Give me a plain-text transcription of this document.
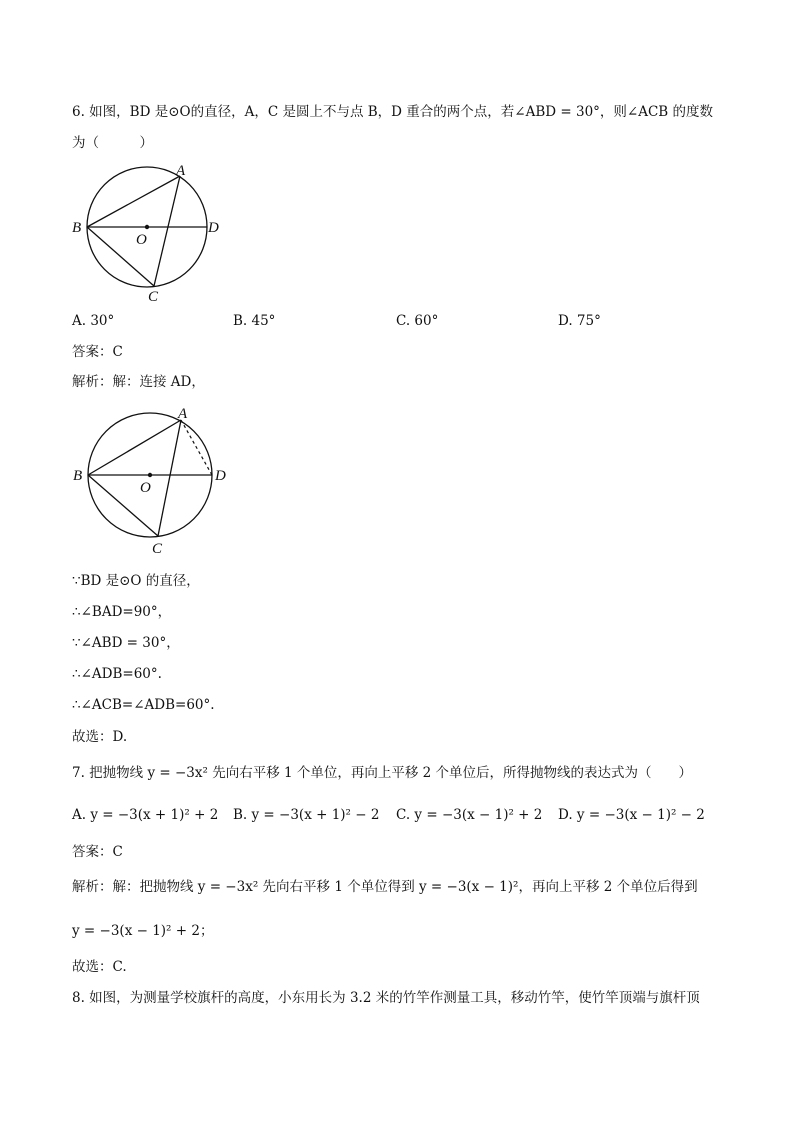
6. 如图，BD 是⊙O的直径，A，C 是圆上不与点 B，D 重合的两个点，若∠ABD = 30°，则∠ACB 的度数
为（　　　）
A
B
C
D
O
A. 30°	B. 45°	C. 60°	D. 75°
答案：C
解析：解：连接 AD，
A
B
C
D
O
∵BD 是⊙O 的直径，
∴∠BAD=90°，
∵∠ABD = 30°，
∴∠ADB=60°.
∴∠ACB=∠ADB=60°.
故选：D.
7. 把抛物线 y = −3x² 先向右平移 1 个单位，再向上平移 2 个单位后，所得抛物线的表达式为（　　）
A. y = −3(x + 1)² + 2 B. y = −3(x + 1)² − 2 C. y = −3(x − 1)² + 2 D. y = −3(x − 1)² − 2
答案：C
解析：解：把抛物线 y = −3x² 先向右平移 1 个单位得到 y = −3(x − 1)²，再向上平移 2 个单位后得到
y = −3(x − 1)² + 2；
故选：C.
8. 如图，为测量学校旗杆的高度，小东用长为 3.2 米的竹竿作测量工具，移动竹竿，使竹竿顶端与旗杆顶
